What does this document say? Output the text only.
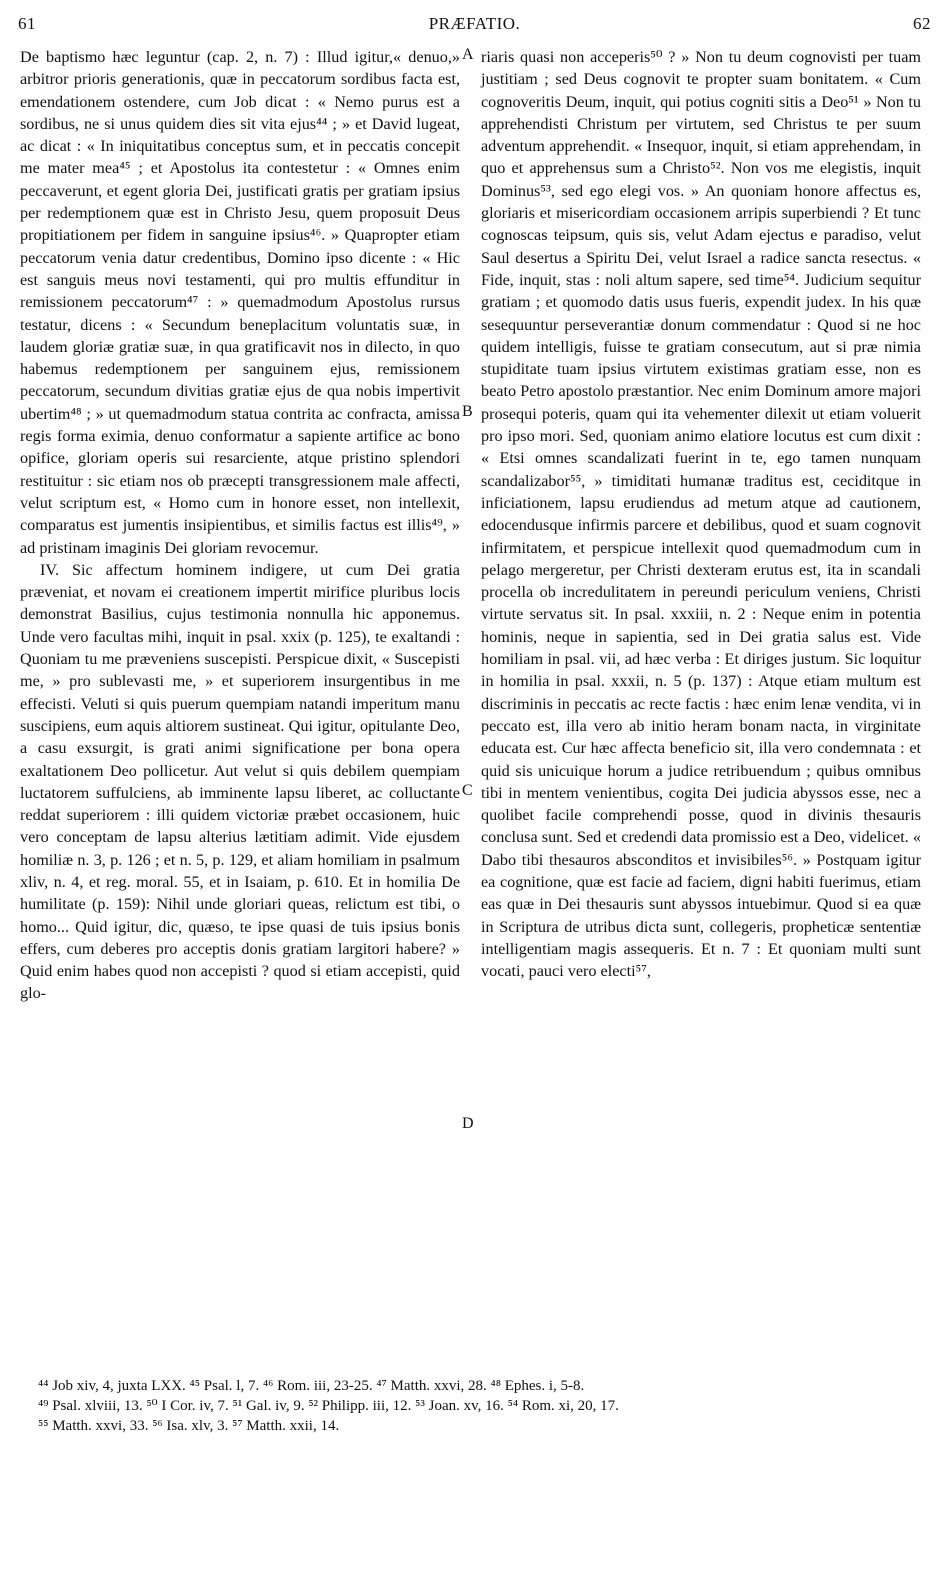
61	PRÆFATIO.	62
A
B
C
D

De baptismo hæc leguntur (cap. 2, n. 7) : Illud igitur,« denuo,» arbitror prioris generationis, quæ in peccatorum sordibus facta est, emendationem ostendere, cum Job dicat : « Nemo purus est a sordibus, ne si unus quidem dies sit vita ejus⁴⁴ ; » et David lugeat, ac dicat : « In iniquitatibus conceptus sum, et in peccatis concepit me mater mea⁴⁵ ; et Apostolus ita contestetur : « Omnes enim peccaverunt, et egent gloria Dei, justificati gratis per gratiam ipsius per redemptionem quæ est in Christo Jesu, quem proposuit Deus propitiationem per fidem in sanguine ipsius⁴⁶. » Quapropter etiam peccatorum venia datur credentibus, Domino ipso dicente : « Hic est sanguis meus novi testamenti, qui pro multis effunditur in remissionem peccatorum⁴⁷ : » quemadmodum Apostolus rursus testatur, dicens : « Secundum beneplacitum voluntatis suæ, in laudem gloriæ gratiæ suæ, in qua gratificavit nos in dilecto, in quo habemus redemptionem per sanguinem ejus, remissionem peccatorum, secundum divitias gratiæ ejus de qua nobis impertivit ubertim⁴⁸ ; » ut quemadmodum statua contrita ac confracta, amissa regis forma eximia, denuo conformatur a sapiente artifice ac bono opifice, gloriam operis sui resarciente, atque pristino splendori restituitur : sic etiam nos ob præcepti transgressionem male affecti, velut scriptum est, « Homo cum in honore esset, non intellexit, comparatus est jumentis insipientibus, et similis factus est illis⁴⁹, » ad pristinam imaginis Dei gloriam revocemur.

IV. Sic affectum hominem indigere, ut cum Dei gratia præveniat, et novam ei creationem impertit mirifice pluribus locis demonstrat Basilius, cujus testimonia nonnulla hic apponemus. Unde vero facultas mihi, inquit in psal. xxix (p. 125), te exaltandi : Quoniam tu me præveniens suscepisti. Perspicue dixit, « Suscepisti me, » pro sublevasti me, » et superiorem insurgentibus in me effecisti. Veluti si quis puerum quempiam natandi imperitum manu suscipiens, eum aquis altiorem sustineat. Qui igitur, opitulante Deo, a casu exsurgit, is grati animi significatione per bona opera exaltationem Deo pollicetur. Aut velut si quis debilem quempiam luctatorem suffulciens, ab imminente lapsu liberet, ac colluctante reddat superiorem : illi quidem victoriæ præbet occasionem, huic vero conceptam de lapsu alterius lætitiam adimit. Vide ejusdem homiliæ n. 3, p. 126 ; et n. 5, p. 129, et aliam homiliam in psalmum xliv, n. 4, et reg. moral. 55, et in Isaiam, p. 610. Et in homilia De humilitate (p. 159): Nihil unde gloriari queas, relictum est tibi, o homo... Quid igitur, dic, quæso, te ipse quasi de tuis ipsius bonis effers, cum deberes pro acceptis donis gratiam largitori habere? » Quid enim habes quod non accepisti ? quod si etiam accepisti, quid glo-

riaris quasi non acceperis⁵⁰ ? » Non tu deum cognovisti per tuam justitiam ; sed Deus cognovit te propter suam bonitatem. « Cum cognoveritis Deum, inquit, qui potius cogniti sitis a Deo⁵¹ » Non tu apprehendisti Christum per virtutem, sed Christus te per suum adventum apprehendit. « Insequor, inquit, si etiam apprehendam, in quo et apprehensus sum a Christo⁵². Non vos me elegistis, inquit Dominus⁵³, sed ego elegi vos. » An quoniam honore affectus es, gloriaris et misericordiam occasionem arripis superbiendi ? Et tunc cognoscas teipsum, quis sis, velut Adam ejectus e paradiso, velut Saul desertus a Spiritu Dei, velut Israel a radice sancta resectus. « Fide, inquit, stas : noli altum sapere, sed time⁵⁴. Judicium sequitur gratiam ; et quomodo datis usus fueris, expendit judex. In his quæ sesequuntur perseverantiæ donum commendatur : Quod si ne hoc quidem intelligis, fuisse te gratiam consecutum, aut si præ nimia stupiditate tuam ipsius virtutem existimas gratiam esse, non es beato Petro apostolo præstantior. Nec enim Dominum amore majori prosequi poteris, quam qui ita vehementer dilexit ut etiam voluerit pro ipso mori. Sed, quoniam animo elatiore locutus est cum dixit : « Etsi omnes scandalizati fuerint in te, ego tamen nunquam scandalizabor⁵⁵, » timiditati humanæ traditus est, ceciditque in inficiationem, lapsu erudiendus ad metum atque ad cautionem, edocendusque infirmis parcere et debilibus, quod et suam cognovit infirmitatem, et perspicue intellexit quod quemadmodum cum in pelago mergeretur, per Christi dexteram erutus est, ita in scandali procella ob incredulitatem in pereundi periculum veniens, Christi virtute servatus sit. In psal. xxxiii, n. 2 : Neque enim in potentia hominis, neque in sapientia, sed in Dei gratia salus est. Vide homiliam in psal. vii, ad hæc verba : Et diriges justum. Sic loquitur in homilia in psal. xxxii, n. 5 (p. 137) : Atque etiam multum est discriminis in peccatis ac recte factis : hæc enim lenæ vendita, vi in peccato est, illa vero ab initio heram bonam nacta, in virginitate educata est. Cur hæc affecta beneficio sit, illa vero condemnata : et quid sis unicuique horum a judice retribuendum ; quibus omnibus tibi in mentem venientibus, cogita Dei judicia abyssos esse, nec a quolibet facile comprehendi posse, quod in divinis thesauris conclusa sunt. Sed et credendi data promissio est a Deo, videlicet. « Dabo tibi thesauros absconditos et invisibiles⁵⁶. » Postquam igitur ea cognitione, quæ est facie ad faciem, digni habiti fuerimus, etiam eas quæ in Dei thesauris sunt abyssos intuebimur. Quod si ea quæ in Scriptura de utribus dicta sunt, collegeris, propheticæ sententiæ intelligentiam magis assequeris. Et n. 7 : Et quoniam multi sunt vocati, pauci vero electi⁵⁷,

⁴⁴ Job xiv, 4, juxta LXX. ⁴⁵ Psal. l, 7. ⁴⁶ Rom. iii, 23-25. ⁴⁷ Matth. xxvi, 28. ⁴⁸ Ephes. i, 5-8.

⁴⁹ Psal. xlviii, 13. ⁵⁰ I Cor. iv, 7. ⁵¹ Gal. iv, 9. ⁵² Philipp. iii, 12. ⁵³ Joan. xv, 16. ⁵⁴ Rom. xi, 20, 17.

⁵⁵ Matth. xxvi, 33. ⁵⁶ Isa. xlv, 3. ⁵⁷ Matth. xxii, 14.
